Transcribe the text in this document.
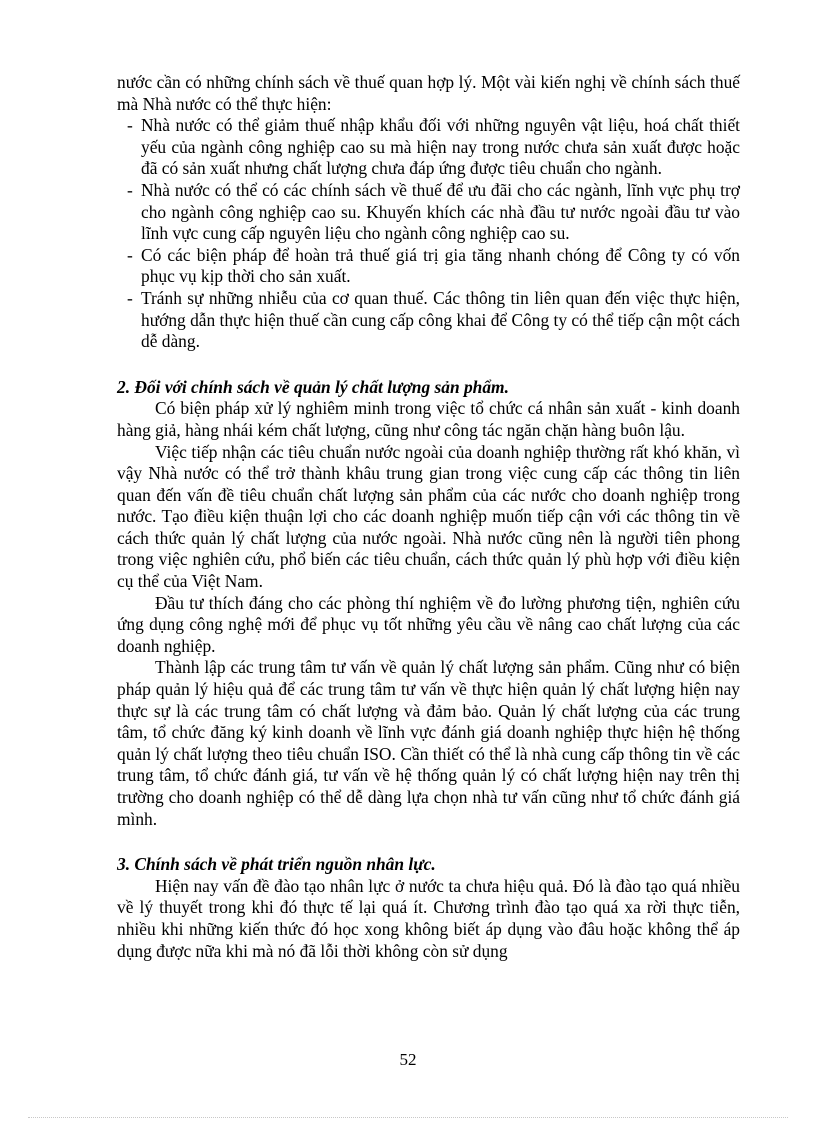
nước cần có những chính sách về thuế quan hợp lý. Một vài kiến nghị về chính sách thuế mà Nhà nước có thể thực hiện:

- Nhà nước có thể giảm thuế nhập khẩu đối với những nguyên vật liệu, hoá chất thiết yếu của ngành công nghiệp cao su mà hiện nay trong nước chưa sản xuất được hoặc đã có sản xuất nhưng chất lượng chưa đáp ứng được tiêu chuẩn cho ngành.
- Nhà nước có thể có các chính sách về thuế để ưu đãi cho các ngành, lĩnh vực phụ trợ cho ngành công nghiệp cao su. Khuyến khích các nhà đầu tư nước ngoài đầu tư vào lĩnh vực cung cấp nguyên liệu cho ngành công nghiệp cao su.
- Có các biện pháp để hoàn trả thuế giá trị gia tăng nhanh chóng để Công ty có vốn phục vụ kịp thời cho sản xuất.
- Tránh sự những nhiễu của cơ quan thuế. Các thông tin liên quan đến việc thực hiện, hướng dẫn thực hiện thuế cần cung cấp công khai để Công ty có thể tiếp cận một cách dễ dàng.
2. Đối với chính sách về quản lý chất lượng sản phẩm.

Có biện pháp xử lý nghiêm minh trong việc tổ chức cá nhân sản xuất - kinh doanh hàng giả, hàng nhái kém chất lượng, cũng như công tác ngăn chặn hàng buôn lậu.

Việc tiếp nhận các tiêu chuẩn nước ngoài của doanh nghiệp thường rất khó khăn, vì vậy Nhà nước có thể trở thành khâu trung gian trong việc cung cấp các thông tin liên quan đến vấn đề tiêu chuẩn chất lượng sản phẩm của các nước cho doanh nghiệp trong nước. Tạo điều kiện thuận lợi cho các doanh nghiệp muốn tiếp cận với các thông tin về cách thức quản lý chất lượng của nước ngoài. Nhà nước cũng nên là người tiên phong trong việc nghiên cứu, phổ biến các tiêu chuẩn, cách thức quản lý phù hợp với điều kiện cụ thể của Việt Nam.

Đầu tư thích đáng cho các phòng thí nghiệm về đo lường phương tiện, nghiên cứu ứng dụng công nghệ mới để phục vụ tốt những yêu cầu về nâng cao chất lượng của các doanh nghiệp.

Thành lập các trung tâm tư vấn về quản lý chất lượng sản phẩm. Cũng như có biện pháp quản lý hiệu quả để các trung tâm tư vấn về thực hiện quản lý chất lượng hiện nay thực sự là các trung tâm có chất lượng và đảm bảo. Quản lý chất lượng của các trung tâm, tổ chức đăng ký kinh doanh về lĩnh vực đánh giá doanh nghiệp thực hiện hệ thống quản lý chất lượng theo tiêu chuẩn ISO. Cần thiết có thể là nhà cung cấp thông tin về các trung tâm, tổ chức đánh giá, tư vấn về hệ thống quản lý có chất lượng hiện nay trên thị trường cho doanh nghiệp có thể dễ dàng lựa chọn nhà tư vấn cũng như tổ chức đánh giá mình.

3. Chính sách về phát triển nguồn nhân lực.

Hiện nay vấn đề đào tạo nhân lực ở nước ta chưa hiệu quả. Đó là đào tạo quá nhiều về lý thuyết trong khi đó thực tế lại quá ít. Chương trình đào tạo quá xa rời thực tiễn, nhiều khi những kiến thức đó học xong không biết áp dụng vào đâu hoặc không thể áp dụng được nữa khi mà nó đã lỗi thời không còn sử dụng

52
